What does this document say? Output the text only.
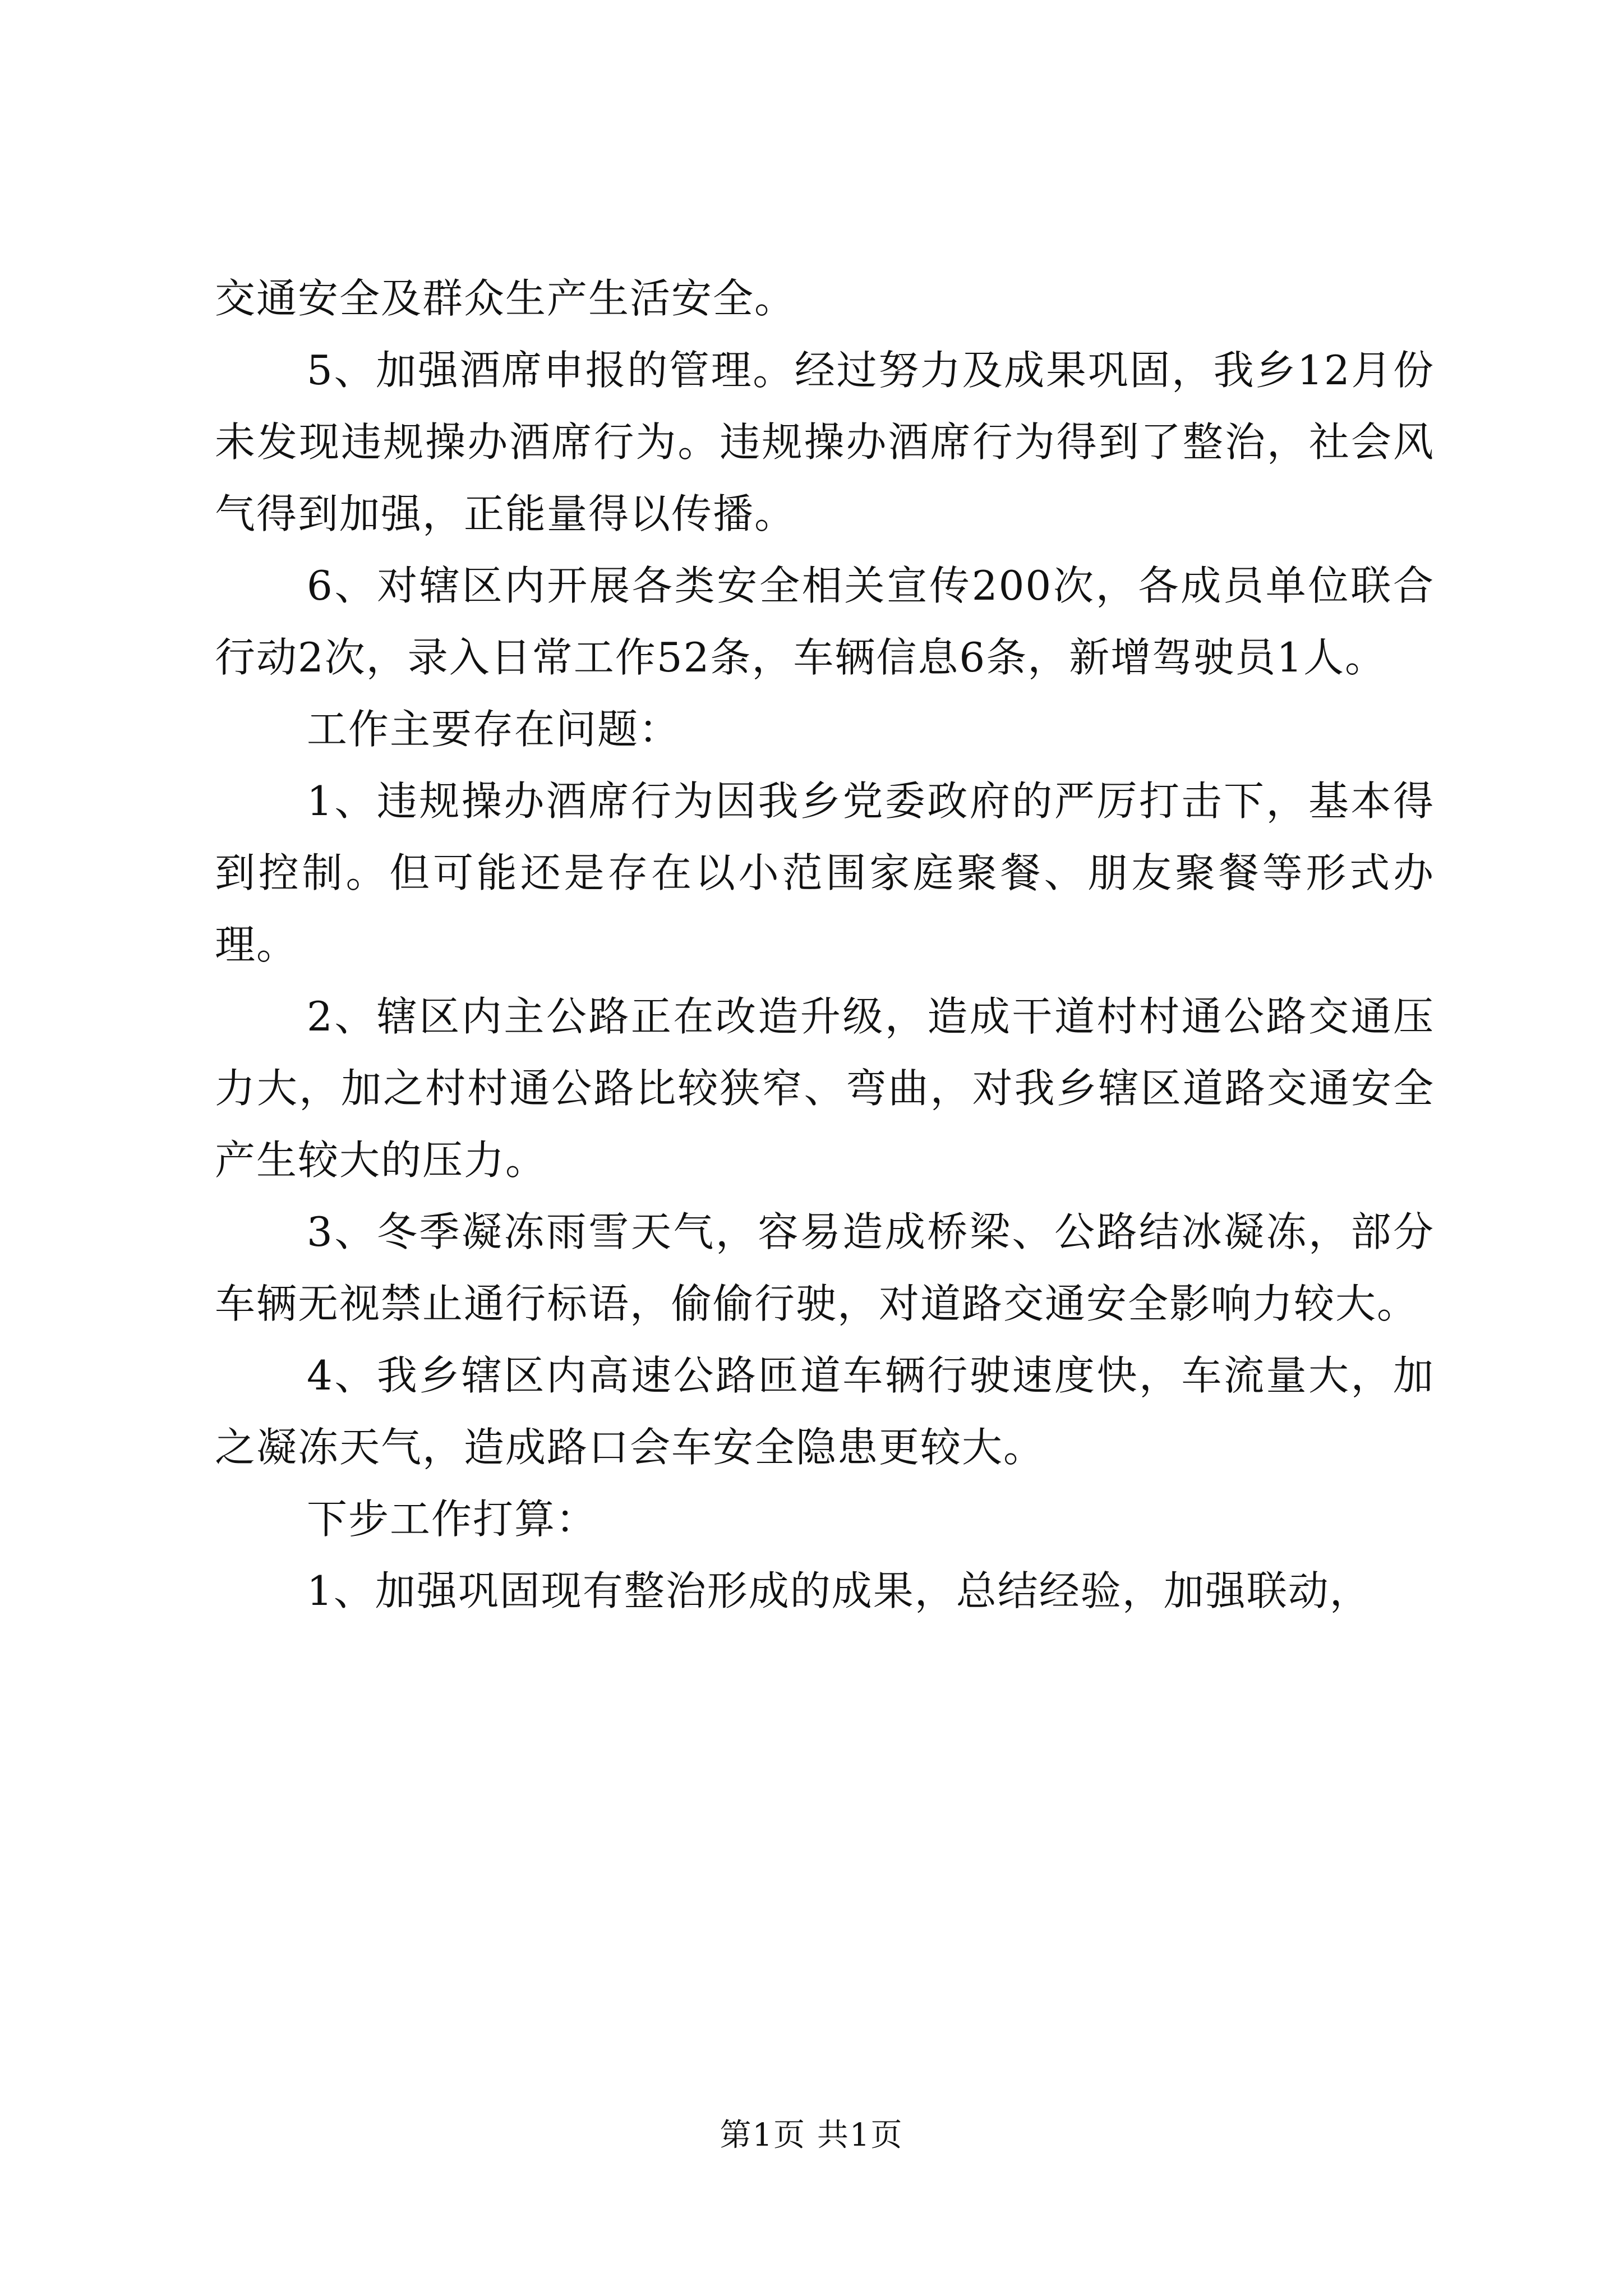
交通安全及群众生产生活安全。

5、加强酒席申报的管理。经过努力及成果巩固，我乡12月份未发现违规操办酒席行为。违规操办酒席行为得到了整治，社会风气得到加强，正能量得以传播。

6、对辖区内开展各类安全相关宣传200次，各成员单位联合行动2次，录入日常工作52条，车辆信息6条，新增驾驶员1人。

工作主要存在问题：

1、违规操办酒席行为因我乡党委政府的严厉打击下，基本得到控制。但可能还是存在以小范围家庭聚餐、朋友聚餐等形式办理。

2、辖区内主公路正在改造升级，造成干道村村通公路交通压力大，加之村村通公路比较狭窄、弯曲，对我乡辖区道路交通安全产生较大的压力。

3、冬季凝冻雨雪天气，容易造成桥梁、公路结冰凝冻，部分车辆无视禁止通行标语，偷偷行驶，对道路交通安全影响力较大。

4、我乡辖区内高速公路匝道车辆行驶速度快，车流量大，加之凝冻天气，造成路口会车安全隐患更较大。

下步工作打算：

1、加强巩固现有整治形成的成果，总结经验，加强联动，

第1页 共1页
